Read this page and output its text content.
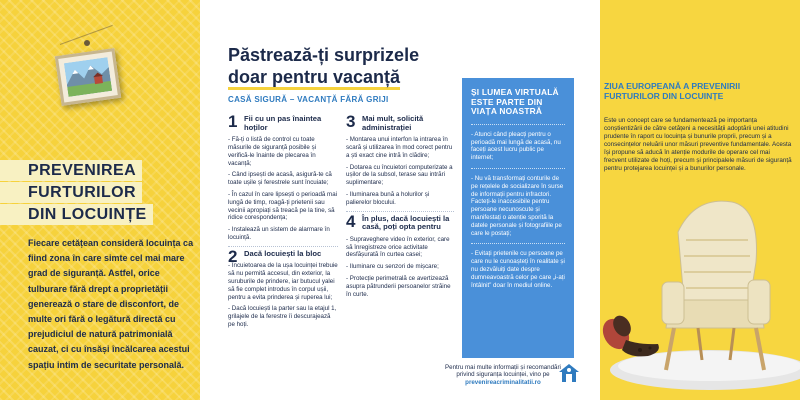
PREVENIREA
FURTURILOR
DIN LOCUINȚE

Fiecare cetățean consideră locuința ca fiind zona în care simte cel mai mare grad de siguranță. Astfel, orice tulburare fără drept a proprietății generează o stare de disconfort, de multe ori fără o legătură directă cu prejudiciul de natură patrimonială cauzat, ci cu însăși încălcarea acestui spațiu intim de securitate personală.

Păstrează-ți surprizele
doar pentru vacanță
CASĂ SIGURĂ – VACANȚĂ FĂRĂ GRIJI
1 Fii cu un pas înaintea hoților

- Fă-ți o listă de control cu toate măsurile de siguranță posibile și verifică-le înainte de plecarea în vacanță;

- Când ipsești de acasă, asigură-te că toate ușile și ferestrele sunt încuiate;

- În cazul în care lipsești o perioadă mai lungă de timp, roagă-ți prietenii sau vecinii apropiați să treacă pe la tine, să ridice corespondența;

- Instalează un sistem de alarmare în locuință.

2 Dacă locuiești la bloc

- Încuietoarea de la ușa locuinței trebuie să nu permită accesul, din exterior, la suruburile de prindere, iar butucul yalei să fie complet introdus în corpul ușii, pentru a evita prinderea și ruperea lui;

- Dacă locuiești la parter sau la etajul 1, grilajele de la ferestre îi descurajează pe hoți.

3 Mai mult, solicită administrației

- Montarea unui interfon la intrarea în scară și utilizarea în mod corect pentru a ști exact cine intră în clădire;

- Dotarea cu încuietori computerizate a ușilor de la subsol, terase sau intrări suplimentare;

- Iluminarea bună a holurilor și palierelor blocului.

4 În plus, dacă locuiești la casă, poți opta pentru

- Supraveghere video în exterior, care să înregistreze orice activitate desfășurată în curtea casei;

- Iluminare cu senzori de mișcare;

- Protecție perimetrală ce avertizează asupra pătrunderii persoanelor străine în curte.

ȘI LUMEA VIRTUALĂ ESTE PARTE DIN VIAȚA NOASTRĂ

- Atunci când pleacți pentru o perioadă mai lungă de acasă, nu faceți acest lucru public pe internet;

- Nu vă transformați conturile de pe rețelele de socializare în surse de informații pentru infractori. Facteți-le inaccesibile pentru persoane necunoscute și manifestați o atenție sporită la datele personale și fotografiile pe care le postați;

- Evitați prietenile cu persoane pe care nu le cunoașteți în realitate și nu dezvăluiți date despre dumneavoastră celor pe care „i-ați întâlnit” doar în mediul online.

Pentru mai multe informații și recomandări privind siguranța locuinței, vino pe
prevenireacriminalitatii.ro
ZIUA EUROPEANĂ A PREVENIRII FURTURILOR DIN LOCUINȚE

Este un concept care se fundamentează pe importanța conștientizării de către cetățeni a necesității adoptării unei atitudini prudente în raport cu locuința și bunurile proprii, precum și a consecințelor neluării unor măsuri preventive fundamentale. Acesta își propune să aducă în atenție modurile de operare cel mai frecvent utilizate de hoți, precum și principalele măsuri de siguranță pentru protejarea locuinței și a bunurilor personale.
